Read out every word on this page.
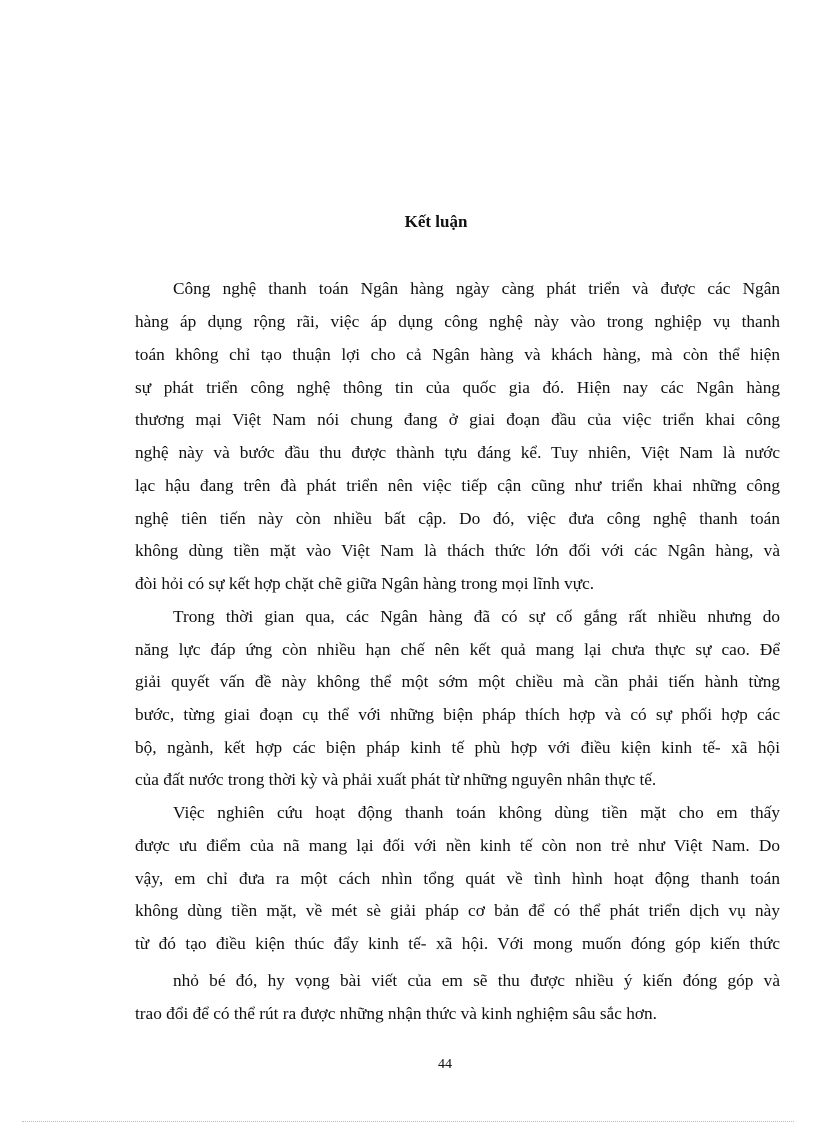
Kết luận
Công nghệ thanh toán Ngân hàng ngày càng phát triển và được các Ngân
hàng áp dụng rộng rãi, việc áp dụng công nghệ này vào trong nghiệp vụ thanh
toán không chỉ tạo thuận lợi cho cả Ngân hàng và khách hàng, mà còn thể hiện
sự phát triển công nghệ thông tin của quốc gia đó. Hiện nay các Ngân hàng
thương mại Việt Nam nói chung đang ở giai đoạn đầu của việc triển khai công
nghệ này và bước đầu thu được thành tựu đáng kể. Tuy nhiên, Việt Nam là nước
lạc hậu đang trên đà phát triển nên việc tiếp cận cũng như triển khai những công
nghệ tiên tiến này còn nhiều bất cập. Do đó, việc đưa công nghệ thanh toán
không dùng tiền mặt vào Việt Nam là thách thức lớn đối với các Ngân hàng, và
đòi hỏi có sự kết hợp chặt chẽ giữa Ngân hàng trong mọi lĩnh vực.
Trong thời gian qua, các Ngân hàng đã có sự cố gắng rất nhiều nhưng do
năng lực đáp ứng còn nhiều hạn chế nên kết quả mang lại chưa thực sự cao. Để
giải quyết vấn đề này không thể một sớm một chiều mà cần phải tiến hành từng
bước, từng giai đoạn cụ thể với những biện pháp thích hợp và có sự phối hợp các
bộ, ngành, kết hợp các biện pháp kinh tế phù hợp với điều kiện kinh tế- xã hội
của đất nước trong thời kỳ và phải xuất phát từ những nguyên nhân thực tế.
Việc nghiên cứu hoạt động thanh toán không dùng tiền mặt cho em thấy
được ưu điểm của nã mang lại đối với nền kinh tế còn non trẻ như Việt Nam. Do
vậy, em chỉ đưa ra một cách nhìn tổng quát về tình hình hoạt động thanh toán
không dùng tiền mặt, về mét sè giải pháp cơ bản để có thể phát triển dịch vụ này
từ đó tạo điều kiện thúc đẩy kinh tế- xã hội. Với mong muốn đóng góp kiến thức
nhỏ bé đó, hy vọng bài viết của em sẽ thu được nhiều ý kiến đóng góp và
trao đổi để có thể rút ra được những nhận thức và kinh nghiệm sâu sắc hơn.
44
